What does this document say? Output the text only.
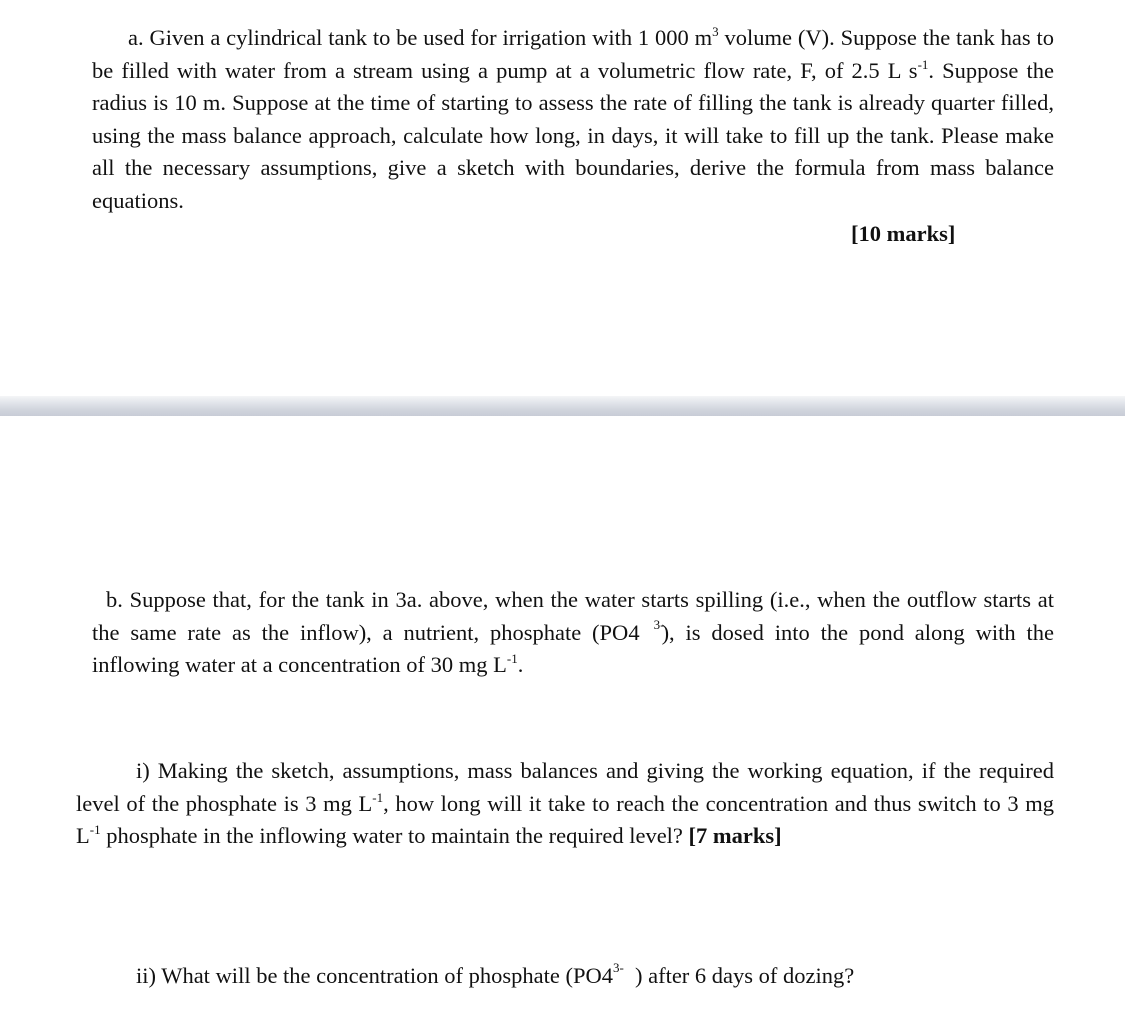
a. Given a cylindrical tank to be used for irrigation with 1 000 $m^3$ volume (V). Suppose the tank has to be filled with water from a stream using a pump at a volumetric flow rate, F, of 2.5 L $s^{-1}$. Suppose the radius is 10 m. Suppose at the time of starting to assess the rate of filling the tank is already quarter filled, using the mass balance approach, calculate how long, in days, it will take to fill up the tank. Please make all the necessary assumptions, give a sketch with boundaries, derive the formula from mass balance equations.
[10 marks]
b. Suppose that, for the tank in 3a. above, when the water starts spilling (i.e., when the outflow starts at the same rate as the inflow), a nutrient, phosphate (PO4	3-
), is dosed into the pond along with the inflowing water at a concentration of 30 mg $L^{-1}$.
i) Making the sketch, assumptions, mass balances and giving the working equation, if the required level of the phosphate is 3 mg $L^{-1}$, how long will it take to reach the concentration and thus switch to 3 mg $L^{-1}$ phosphate in the inflowing water to maintain the required level? [7 marks]
ii) What will be the concentration of phosphate (PO4 3- ) after 6 days of dozing?
